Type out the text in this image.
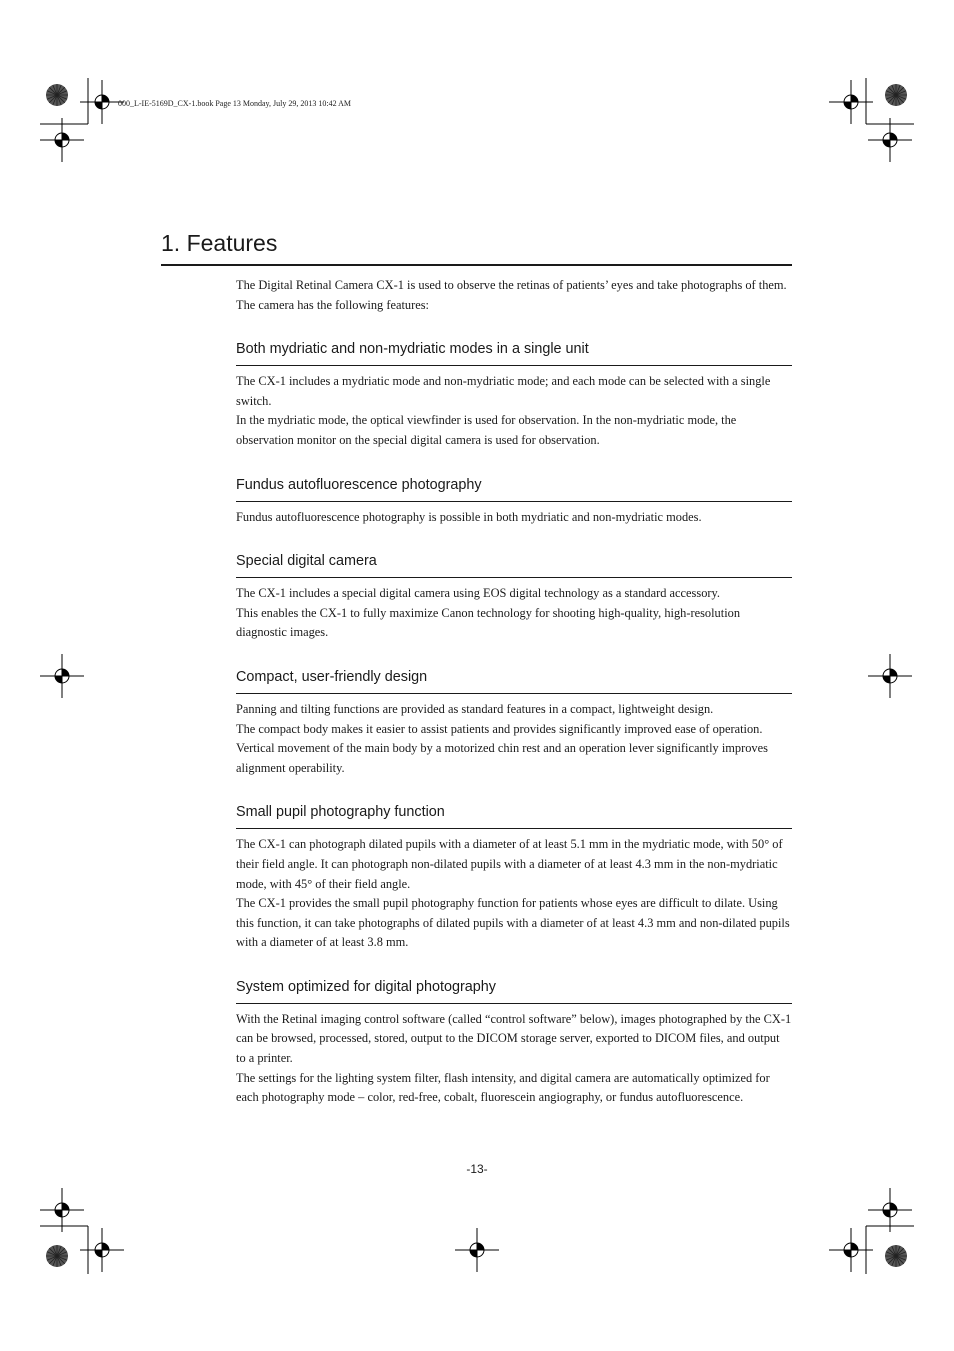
000_L-IE-5169D_CX-1.book Page 13 Monday, July 29, 2013 10:42 AM
1. Features

The Digital Retinal Camera CX-1 is used to observe the retinas of patients’ eyes and take photographs of them. The camera has the following features:

Both mydriatic and non-mydriatic modes in a single unit

The CX-1 includes a mydriatic mode and non-mydriatic mode; and each mode can be selected with a single switch.

In the mydriatic mode, the optical viewfinder is used for observation. In the non-mydriatic mode, the observation monitor on the special digital camera is used for observation.

Fundus autofluorescence photography

Fundus autofluorescence photography is possible in both mydriatic and non-mydriatic modes.

Special digital camera

The CX-1 includes a special digital camera using EOS digital technology as a standard accessory.

This enables the CX-1 to fully maximize Canon technology for shooting high-quality, high-resolution diagnostic images.

Compact, user-friendly design

Panning and tilting functions are provided as standard features in a compact, lightweight design.

The compact body makes it easier to assist patients and provides significantly improved ease of operation.

Vertical movement of the main body by a motorized chin rest and an operation lever significantly improves alignment operability.

Small pupil photography function

The CX-1 can photograph dilated pupils with a diameter of at least 5.1 mm in the mydriatic mode, with 50° of their field angle. It can photograph non-dilated pupils with a diameter of at least 4.3 mm in the non-mydriatic mode, with 45° of their field angle.

The CX-1 provides the small pupil photography function for patients whose eyes are difficult to dilate. Using this function, it can take photographs of dilated pupils with a diameter of at least 4.3 mm and non-dilated pupils with a diameter of at least 3.8 mm.

System optimized for digital photography

With the Retinal imaging control software (called “control software” below), images photographed by the CX-1 can be browsed, processed, stored, output to the DICOM storage server, exported to DICOM files, and output to a printer.

The settings for the lighting system filter, flash intensity, and digital camera are automatically optimized for each photography mode – color, red-free, cobalt, fluorescein angiography, or fundus autofluorescence.

-13-
